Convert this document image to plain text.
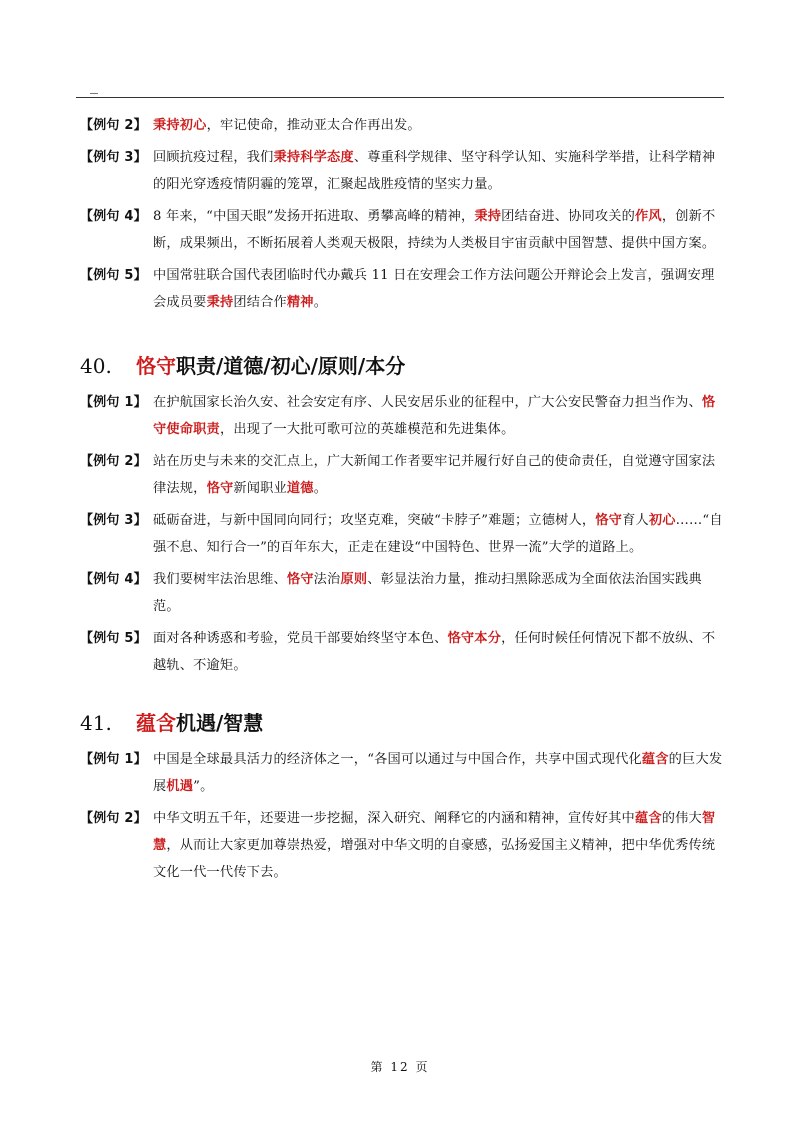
【例句 2】 秉持初心，牢记使命，推动亚太合作再出发。
【例句 3】 回顾抗疫过程，我们秉持科学态度、尊重科学规律、坚守科学认知、实施科学举措，让科学精神的阳光穿透疫情阴霾的笼罩，汇聚起战胜疫情的坚实力量。
【例句 4】 8 年来，“中国天眼”发扬开拓进取、勇攀高峰的精神，秉持团结奋进、协同攻关的作风，创新不断，成果频出，不断拓展着人类观天极限，持续为人类极目宇宙贡献中国智慧、提供中国方案。
【例句 5】 中国常驻联合国代表团临时代办戴兵 11 日在安理会工作方法问题公开辩论会上发言，强调安理会成员要秉持团结合作精神。
40.	恪守职责/道德/初心/原则/本分
【例句 1】 在护航国家长治久安、社会安定有序、人民安居乐业的征程中，广大公安民警奋力担当作为、恪守使命职责，出现了一大批可歌可泣的英雄模范和先进集体。
【例句 2】 站在历史与未来的交汇点上，广大新闻工作者要牢记并履行好自己的使命责任，自觉遵守国家法律法规，恪守新闻职业道德。
【例句 3】 砥砺奋进，与新中国同向同行；攻坚克难，突破“卡脖子”难题；立德树人，恪守育人初心……“自强不息、知行合一”的百年东大，正走在建设“中国特色、世界一流”大学的道路上。
【例句 4】 我们要树牢法治思维、恪守法治原则、彰显法治力量，推动扫黑除恶成为全面依法治国实践典范。
【例句 5】 面对各种诱惑和考验，党员干部要始终坚守本色、恪守本分，任何时候任何情况下都不放纵、不越轨、不逾矩。
41.	蕴含机遇/智慧
【例句 1】 中国是全球最具活力的经济体之一，“各国可以通过与中国合作，共享中国式现代化蕴含的巨大发展机遇”。
【例句 2】 中华文明五千年，还要进一步挖掘，深入研究、阐释它的内涵和精神，宣传好其中蕴含的伟大智慧，从而让大家更加尊崇热爱，增强对中华文明的自豪感，弘扬爱国主义精神，把中华优秀传统文化一代一代传下去。
第 12 页
